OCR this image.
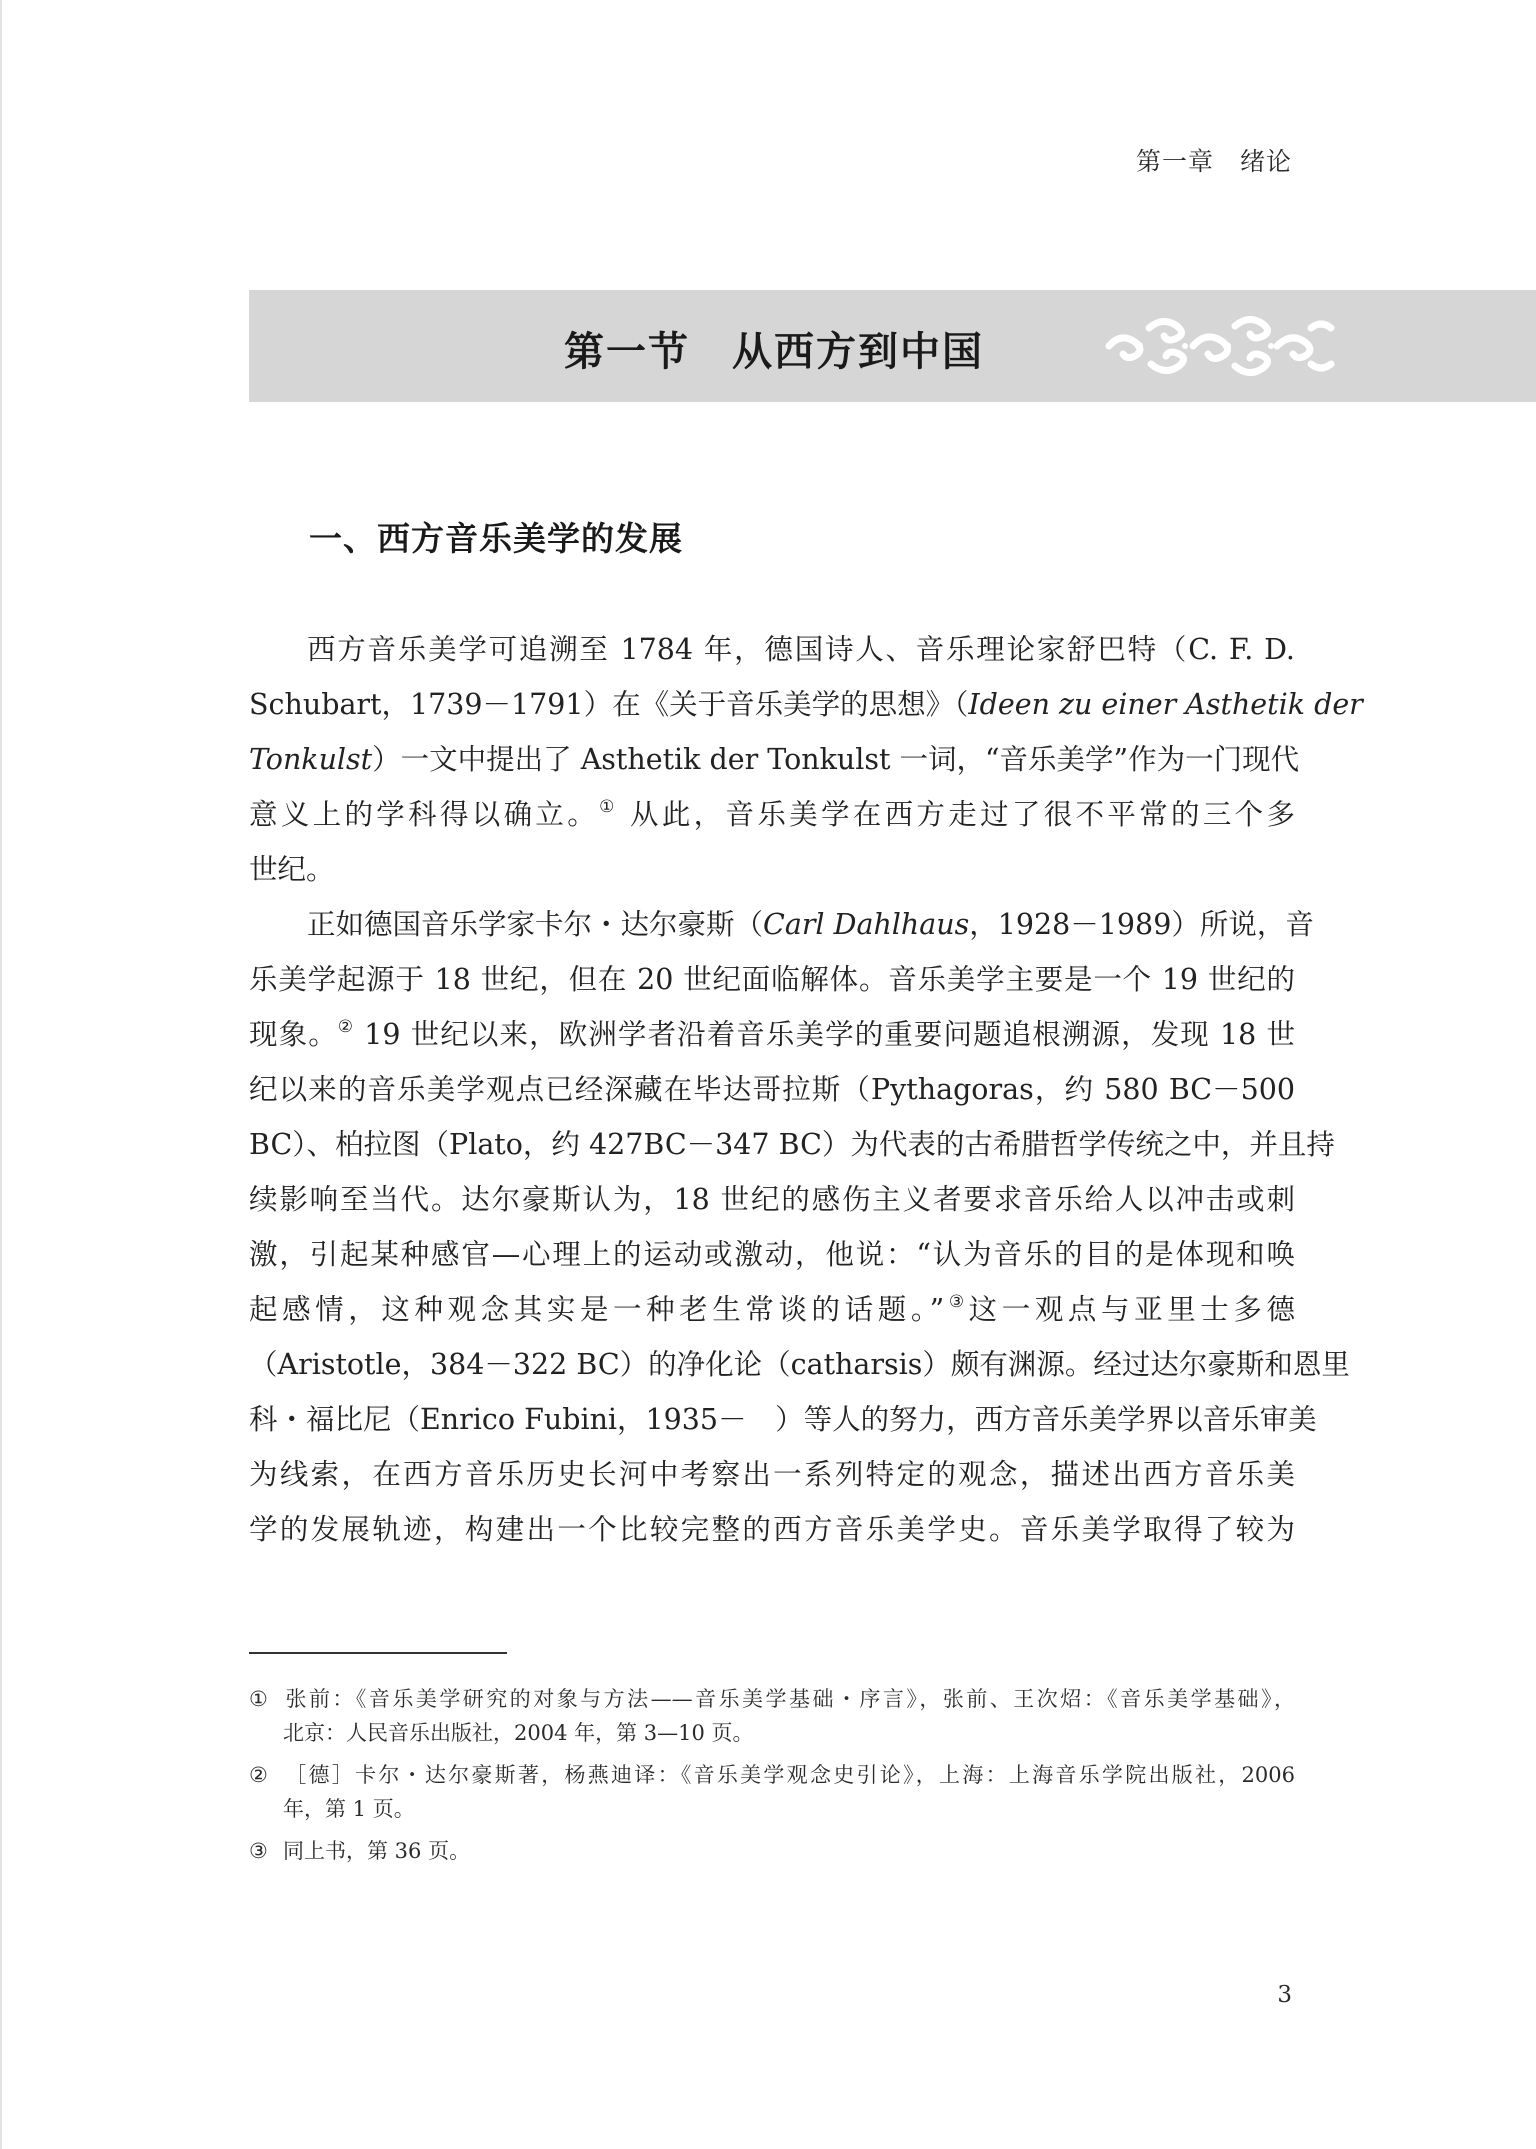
第一章　绪论
第一节　从西方到中国
一、西方音乐美学的发展
西方音乐美学可追溯至 1784 年，德国诗人、音乐理论家舒巴特（C. F. D.
Schubart，1739－1791）在《关于音乐美学的思想》（Ideen zu einer Asthetik der
Tonkulst）一文中提出了 Asthetik der Tonkulst 一词，“音乐美学”作为一门现代
意义上的学科得以确立。① 从此，音乐美学在西方走过了很不平常的三个多
世纪。
正如德国音乐学家卡尔・达尔豪斯（Carl Dahlhaus，1928－1989）所说，音
乐美学起源于 18 世纪，但在 20 世纪面临解体。音乐美学主要是一个 19 世纪的
现象。② 19 世纪以来，欧洲学者沿着音乐美学的重要问题追根溯源，发现 18 世
纪以来的音乐美学观点已经深藏在毕达哥拉斯（Pythagoras，约 580 BC－500
BC）、柏拉图（Plato，约 427BC－347 BC）为代表的古希腊哲学传统之中，并且持
续影响至当代。达尔豪斯认为，18 世纪的感伤主义者要求音乐给人以冲击或刺
激，引起某种感官—心理上的运动或激动，他说：“认为音乐的目的是体现和唤
起感情，这种观念其实是一种老生常谈的话题。”③这一观点与亚里士多德
（Aristotle，384－322 BC）的净化论（catharsis）颇有渊源。经过达尔豪斯和恩里
科・福比尼（Enrico Fubini，1935－　）等人的努力，西方音乐美学界以音乐审美
为线索，在西方音乐历史长河中考察出一系列特定的观念，描述出西方音乐美
学的发展轨迹，构建出一个比较完整的西方音乐美学史。音乐美学取得了较为
① 张前：《音乐美学研究的对象与方法——音乐美学基础・序言》，张前、王次炤：《音乐美学基础》，
北京：人民音乐出版社，2004 年，第 3—10 页。
② ［德］卡尔・达尔豪斯著，杨燕迪译：《音乐美学观念史引论》，上海：上海音乐学院出版社，2006
年，第 1 页。
③ 同上书，第 36 页。
3
